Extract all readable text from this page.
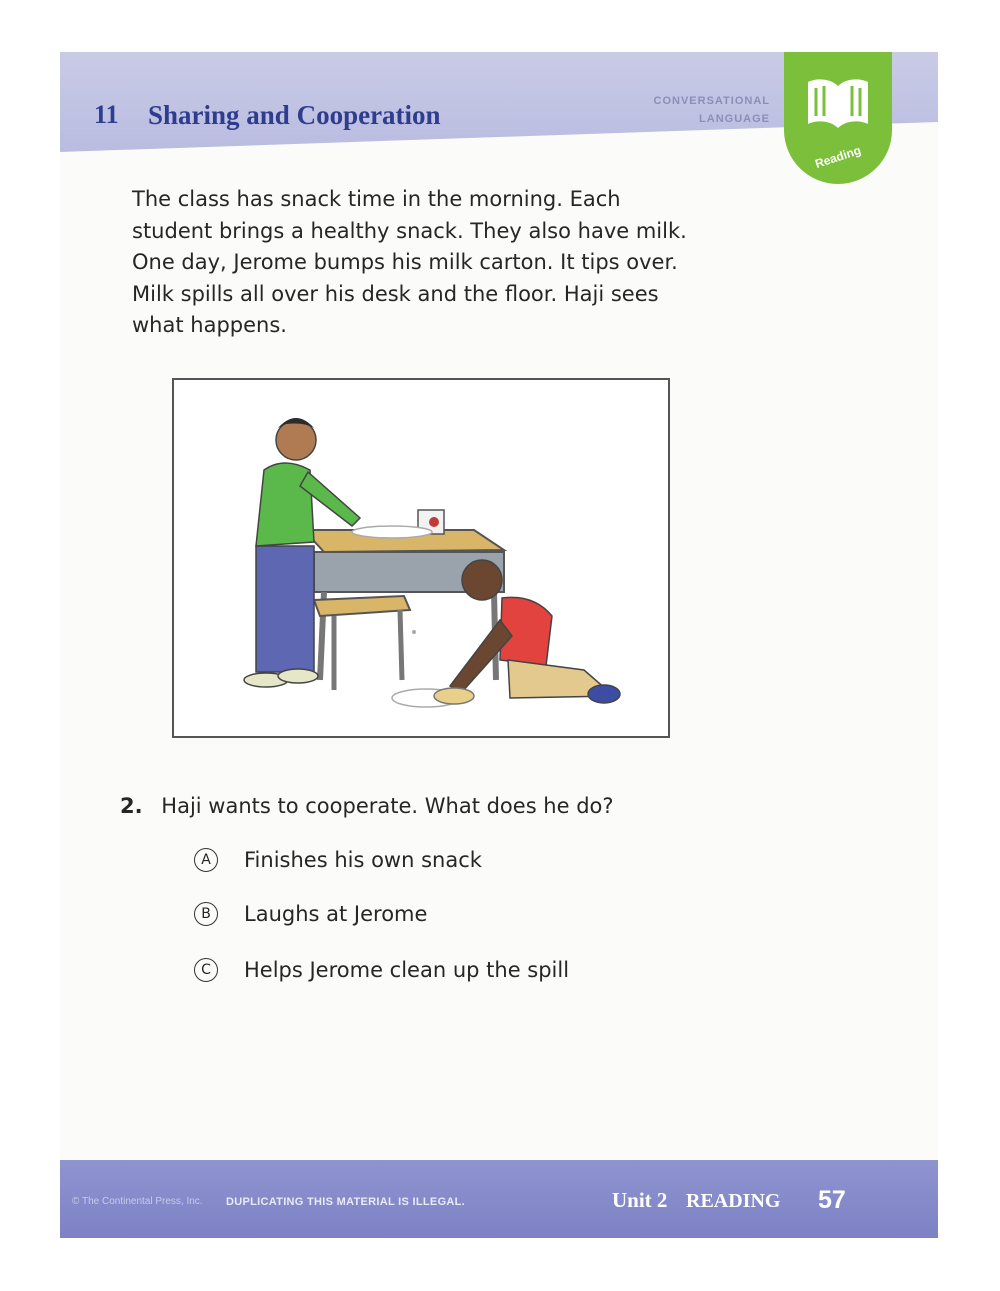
11 Sharing and Cooperation	CONVERSATIONAL
LANGUAGE
Reading
The class has snack time in the morning. Each
student brings a healthy snack. They also have milk.
One day, Jerome bumps his milk carton. It tips over.
Milk spills all over his desk and the floor. Haji sees
what happens.
2. Haji wants to cooperate. What does he do?
A	Finishes his own snack
B	Laughs at Jerome
C	Helps Jerome clean up the spill
© The Continental Press, Inc. DUPLICATING THIS MATERIAL IS ILLEGAL.	Unit 2 READING 57
